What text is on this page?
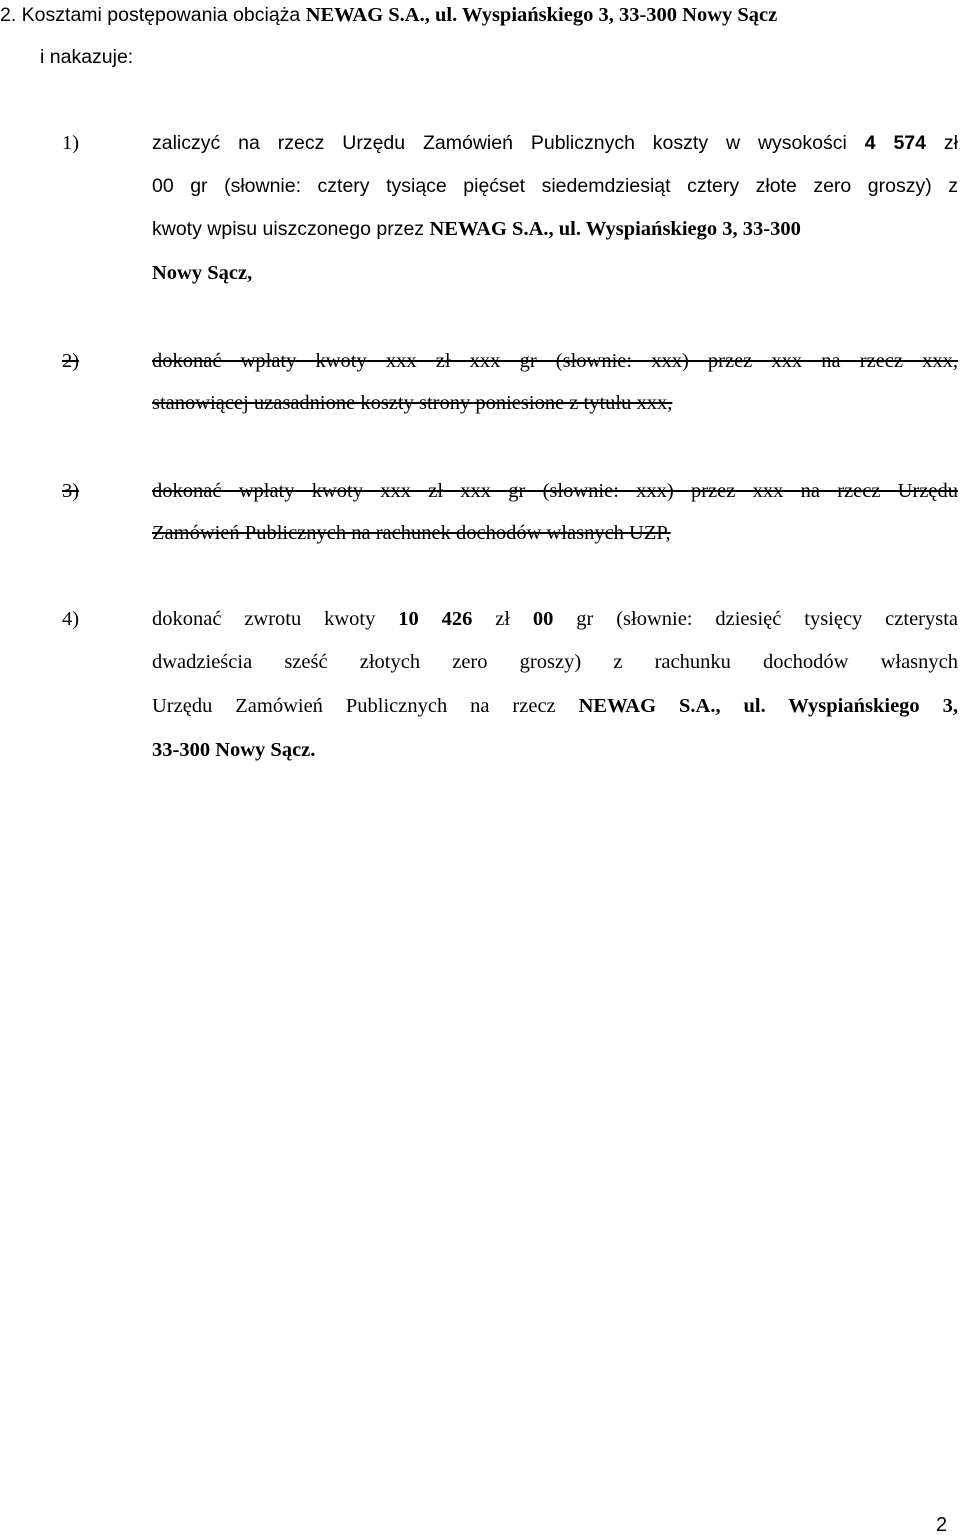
2. Kosztami postępowania obciąża NEWAG S.A., ul. Wyspiańskiego 3, 33-300 Nowy Sącz
i nakazuje:
1)	zaliczyć na rzecz Urzędu Zamówień Publicznych koszty w wysokości 4 574 zł
00 gr (słownie: cztery tysiące pięćset siedemdziesiąt cztery złote zero groszy) z
kwoty wpisu uiszczonego przez NEWAG S.A., ul. Wyspiańskiego 3, 33-300
Nowy Sącz,
2)	dokonać wpłaty kwoty xxx zł xxx gr (słownie: xxx) przez xxx na rzecz xxx,
stanowiącej uzasadnione koszty strony poniesione z tytułu xxx,
3)	dokonać wpłaty kwoty xxx zł xxx gr (słownie: xxx) przez xxx na rzecz Urzędu
Zamówień Publicznych na rachunek dochodów własnych UZP,
4)	dokonać zwrotu kwoty 10 426 zł 00 gr (słownie: dziesięć tysięcy czterysta
dwadzieścia sześć złotych zero groszy) z rachunku dochodów własnych
Urzędu Zamówień Publicznych na rzecz NEWAG S.A., ul. Wyspiańskiego 3,
33-300 Nowy Sącz.
2
